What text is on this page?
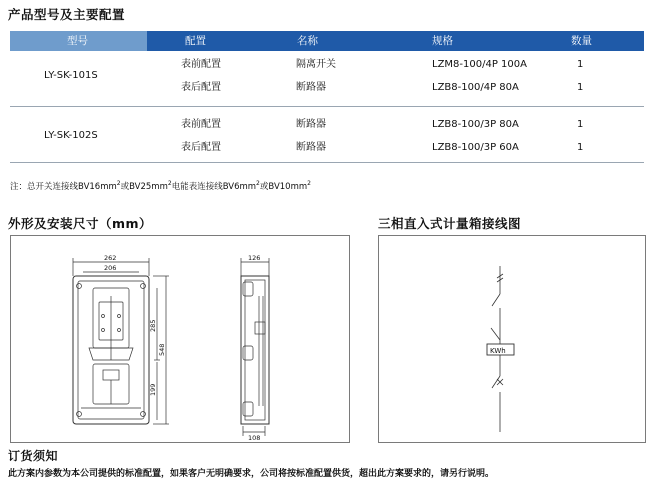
产品型号及主要配置
型号	配置	名称	规格	数量
LY-SK-101S
表前配置	隔离开关	LZM8-100/4P 100A	1
表后配置	断路器	LZB8-100/4P 80A	1
LY-SK-102S
表前配置	断路器	LZB8-100/3P 80A	1
表后配置	断路器	LZB8-100/3P 60A	1
注：总开关连接线$BV16mm^2$或$BV25mm^2$电能表连接线$BV6mm^2$或$BV10mm^2$
外形及安装尺寸（mm）	三相直入式计量箱接线图
262
206
126
108
285
199
548	KWh
订货须知
此方案内参数为本公司提供的标准配置，如果客户无明确要求，公司将按标准配置供货，超出此方案要求的，请另行说明。
